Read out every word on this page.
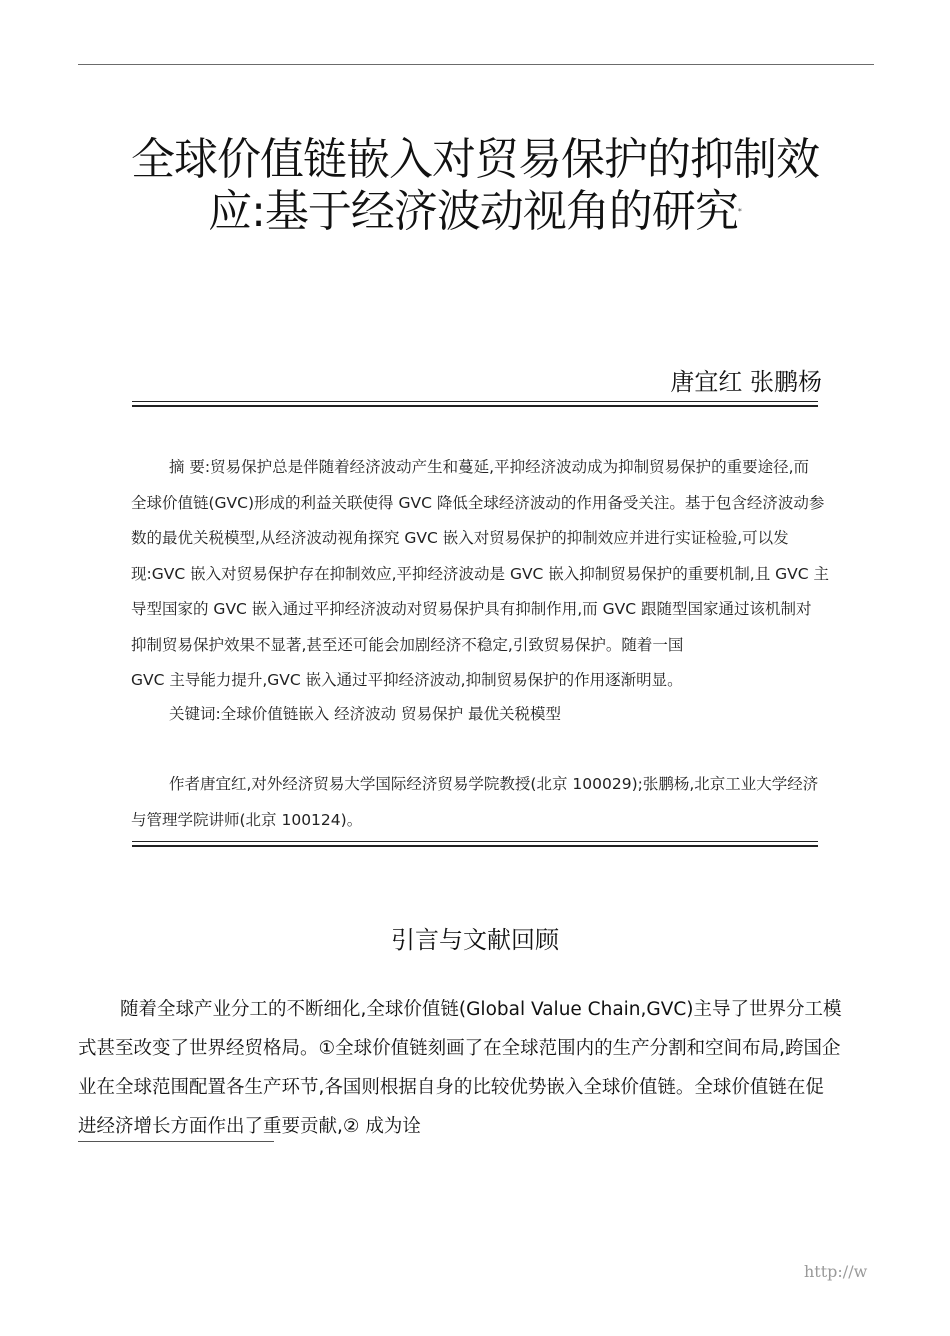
全球价值链嵌入对贸易保护的抑制效
应:基于经济波动视角的研究*
唐宜红 张鹏杨

摘 要:贸易保护总是伴随着经济波动产生和蔓延,平抑经济波动成为抑制贸易保护的重要途径,而

全球价值链(GVC)形成的利益关联使得 GVC 降低全球经济波动的作用备受关注。基于包含经济波动参
数的最优关税模型,从经济波动视角探究 GVC 嵌入对贸易保护的抑制效应并进行实证检验,可以发
现:GVC 嵌入对贸易保护存在抑制效应,平抑经济波动是 GVC 嵌入抑制贸易保护的重要机制,且 GVC 主
导型国家的 GVC 嵌入通过平抑经济波动对贸易保护具有抑制作用,而 GVC 跟随型国家通过该机制对
抑制贸易保护效果不显著,甚至还可能会加剧经济不稳定,引致贸易保护。随着一国
GVC 主导能力提升,GVC 嵌入通过平抑经济波动,抑制贸易保护的作用逐渐明显。
关键词:全球价值链嵌入 经济波动 贸易保护 最优关税模型
作者唐宜红,对外经济贸易大学国际经济贸易学院教授(北京 100029);张鹏杨,北京工业大学经济
与管理学院讲师(北京 100124)。
引言与文献回顾
随着全球产业分工的不断细化,全球价值链(Global Value Chain,GVC)主导了世界分工模
式甚至改变了世界经贸格局。①全球价值链刻画了在全球范围内的生产分割和空间布局,跨国企
业在全球范围配置各生产环节,各国则根据自身的比较优势嵌入全球价值链。全球价值链在促
进经济增长方面作出了重要贡献,② 成为诠
http://w
